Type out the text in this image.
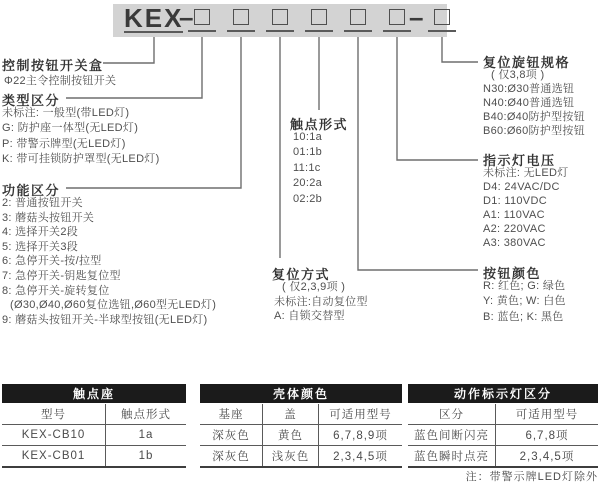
KEX
–	–
控制按钮开关盒
Φ22主令控制按钮开关
类型区分
未标注: 一般型(带LED灯)
G: 防护座一体型(无LED灯)
P: 带警示牌型(无LED灯)
K: 带可挂锁防护罩型(无LED灯)
功能区分
2: 普通按钮开关
3: 蘑菇头按钮开关
4: 选择开关2段
5: 选择开关3段
6: 急停开关-按/拉型
7: 急停开关-钥匙复位型
8: 急停开关-旋转复位
(Ø30,Ø40,Ø60复位选钮,Ø60型无LED灯)
9: 蘑菇头按钮开关-半球型按钮(无LED灯)
触点形式
10:1a
01:1b
11:1c
20:2a
02:2b
复位方式
( 仅2,3,9项 )
未标注:自动复位型
A: 自锁交替型
复位旋钮规格
( 仅3,8项 )
N30:Ø30普通选钮
N40:Ø40普通选钮
B40:Ø40防护型按钮
B60:Ø60防护型按钮
指示灯电压
未标注: 无LED灯
D4: 24VAC/DC
D1: 110VDC
A1: 110VAC
A2: 220VAC
A3: 380VAC
按钮颜色
R: 红色; G: 绿色
Y: 黄色; W: 白色
B: 蓝色; K: 黑色
触点座
型号	触点形式
KEX-CB10	1a
KEX-CB01	1b
壳体颜色
基座	盖	可适用型号
深灰色	黄色	6,7,8,9项
深灰色	浅灰色	2,3,4,5项
动作标示灯区分
区分	可适用型号
蓝色间断闪亮	6,7,8项
蓝色瞬时点亮	2,3,4,5项
注：带警示牌LED灯除外
